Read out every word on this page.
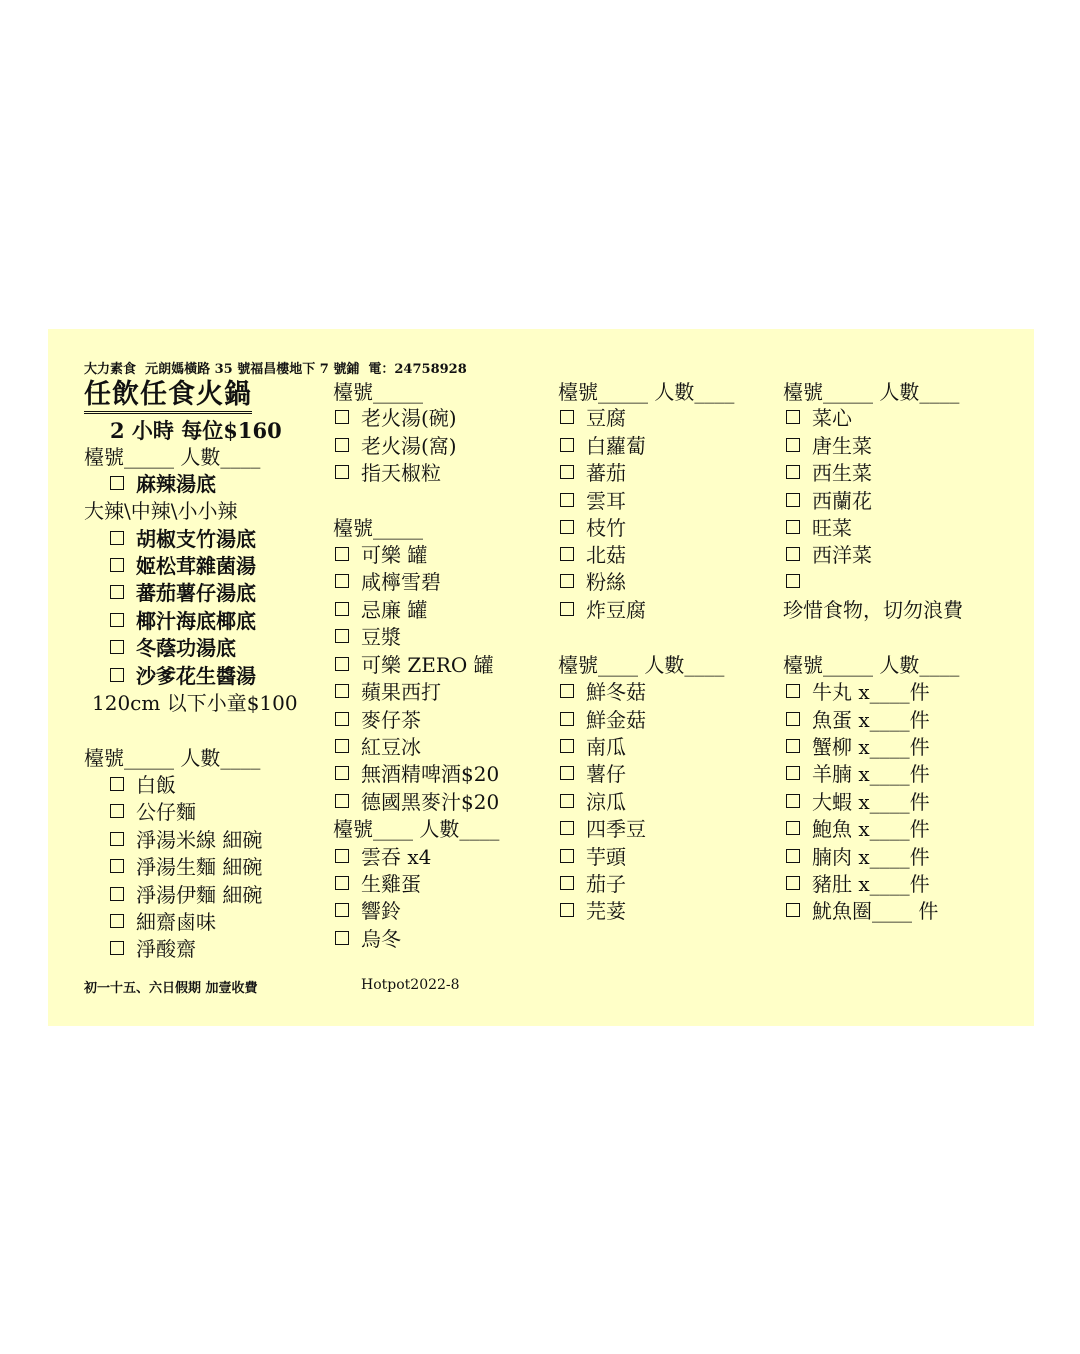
大力素食 元朗媽橫路 35 號福昌樓地下 7 號鋪 電：24758928
任飲任食火鍋
2 小時 每位$160
檯號_____ 人數____
麻辣湯底
大辣\中辣\小小辣
胡椒支竹湯底
姬松茸雜菌湯
蕃茄薯仔湯底
椰汁海底椰底
冬蔭功湯底
沙爹花生醬湯
120cm 以下小童$100
檯號_____ 人數____
白飯
公仔麵
淨湯米線 細碗
淨湯生麵 細碗
淨湯伊麵 細碗
細齋鹵味
淨酸齋
檯號_____
老火湯(碗)
老火湯(窩)
指天椒粒
檯號_____
可樂 罐
咸檸雪碧
忌廉 罐
豆漿
可樂 ZERO 罐
蘋果西打
麥仔茶
紅豆冰
無酒精啤酒$20
德國黑麥汁$20
檯號____ 人數____
雲吞 x4
生雞蛋
響鈴
烏冬
檯號_____ 人數____
豆腐
白蘿蔔
蕃茄
雲耳
枝竹
北菇
粉絲
炸豆腐
檯號____ 人數____
鮮冬菇
鮮金菇
南瓜
薯仔
涼瓜
四季豆
芋頭
茄子
芫荽
檯號_____ 人數____
菜心
唐生菜
西生菜
西蘭花
旺菜
西洋菜
珍惜食物，切勿浪費
檯號_____ 人數____
牛丸 x____件
魚蛋 x____件
蟹柳 x____件
羊腩 x____件
大蝦 x____件
鮑魚 x____件
腩肉 x____件
豬肚 x____件
魷魚圈____ 件
初一十五、六日假期 加壹收費	Hotpot2022-8
